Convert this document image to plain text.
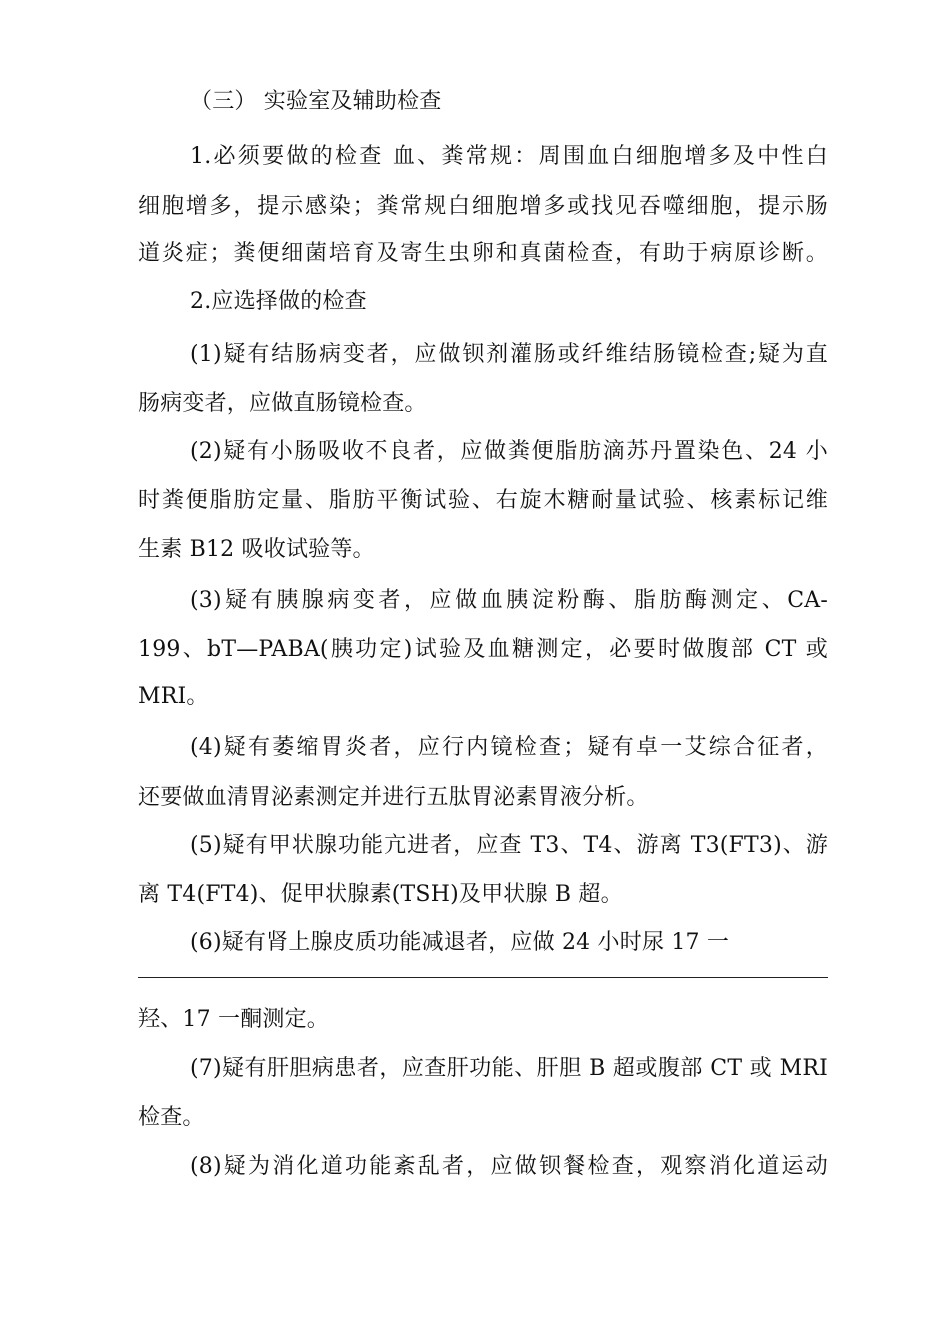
（三） 实验室及辅助检查
1.必须要做的检查 血、粪常规：周围血白细胞增多及中性白
细胞增多，提示感染；粪常规白细胞增多或找见吞噬细胞，提示肠
道炎症；粪便细菌培育及寄生虫卵和真菌检查，有助于病原诊断。
2.应选择做的检查
(1)疑有结肠病变者，应做钡剂灌肠或纤维结肠镜检查;疑为直
肠病变者，应做直肠镜检查。
(2)疑有小肠吸收不良者，应做粪便脂肪滴苏丹置染色、24 小
时粪便脂肪定量、脂肪平衡试验、右旋木糖耐量试验、核素标记维
生素 B12 吸收试验等。
(3)疑有胰腺病变者，应做血胰淀粉酶、脂肪酶测定、CA-
199、bT—PABA(胰功定)试验及血糖测定，必要时做腹部 CT 或
MRI。
(4)疑有萎缩胃炎者，应行内镜检查；疑有卓一艾综合征者，
还要做血清胃泌素测定并进行五肽胃泌素胃液分析。
(5)疑有甲状腺功能亢进者，应查 T3、T4、游离 T3(FT3)、游
离 T4(FT4)、促甲状腺素(TSH)及甲状腺 B 超。
(6)疑有肾上腺皮质功能减退者，应做 24 小时尿 17 一
羟、17 一酮测定。
(7)疑有肝胆病患者，应查肝功能、肝胆 B 超或腹部 CT 或 MRI
检查。
(8)疑为消化道功能紊乱者，应做钡餐检查，观察消化道运动
